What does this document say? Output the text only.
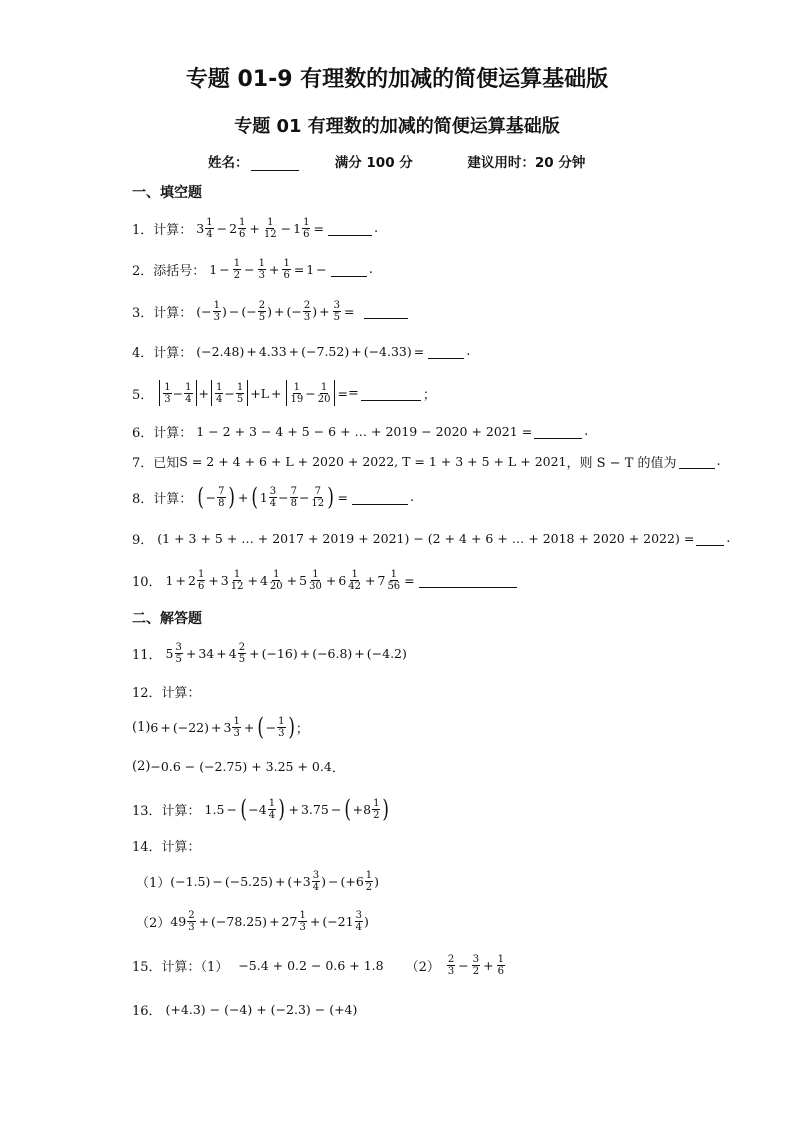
专题 01-9 有理数的加减的简便运算基础版
专题 01 有理数的加减的简便运算基础版
姓名：	满分 100 分	建议用时：20 分钟
一、填空题
1．计算： $3 \frac{1}{4} - 2 \frac{1}{6} + \frac{1}{12} - 1 \frac{1}{6}$ =	.
2．添括号： $1 - \frac{1}{2} - \frac{1}{3} + \frac{1}{6} = 1$ −	.
3．计算： (− $\frac{1}{3}$ ) − (− $\frac{2}{5}$ ) + (− $\frac{2}{3}$ ) + $\frac{3}{5}$ =
4．计算： (−2.48) + 4.33 + (−7.52) + (−4.33) =	.
5． $\frac{1}{3} - \frac{1}{4} + \frac{1}{4} - \frac{1}{5} +L + \frac{1}{19} - \frac{1}{20}$ = =	；
6．计算： 1 − 2 + 3 − 4 + 5 − 6 + … + 2019 − 2020 + 2021 =	.
7．已知 S = 2 + 4 + 6 + L + 2020 + 2022, T = 1 + 3 + 5 + L + 2021 ，则 S − T 的值为	.
8．计算： ( − $\frac{7}{8}$ ) + ( $1 \frac{3}{4} - \frac{7}{8} - \frac{7}{12}$ ) =	.
9． (1 + 3 + 5 + … + 2017 + 2019 + 2021) − (2 + 4 + 6 + … + 2018 + 2020 + 2022) = .
10． $1 + 2 \frac{1}{6} + 3 \frac{1}{12} + 4 \frac{1}{20} + 5 \frac{1}{30} + 6 \frac{1}{42} + 7 \frac{1}{56}$ =
二、解答题
11． $5 \frac{3}{5} + 34 + 4 \frac{2}{5} + (-16) + (-6.8) + (-4.2)$
12．计算：
(1) $6 + (-22) + 3 \frac{1}{3}$ + ( − $\frac{1}{3}$ ) ；
(2) −0.6 − (−2.75) + 3.25 + 0.4 ．
13．计算： 1.5 − ( $-4 \frac{1}{4}$ ) + 3.75 − ( $+8 \frac{1}{2}$ )
14．计算：
（1） $(-1.5) - (-5.25) + (+3 \frac{3}{4}$ ) − ($+6 \frac{1}{2}$ )
（2） $49 \frac{2}{3} + (-78.25) + 27 \frac{1}{3} + (-21 \frac{3}{4}$ )
15．计算：（1） −5.4 + 0.2 − 0.6 + 1.8 $(2) \frac{2}{3} - \frac{3}{2} + \frac{1}{6}$
16． (+4.3) − (−4) + (−2.3) − (+4)
